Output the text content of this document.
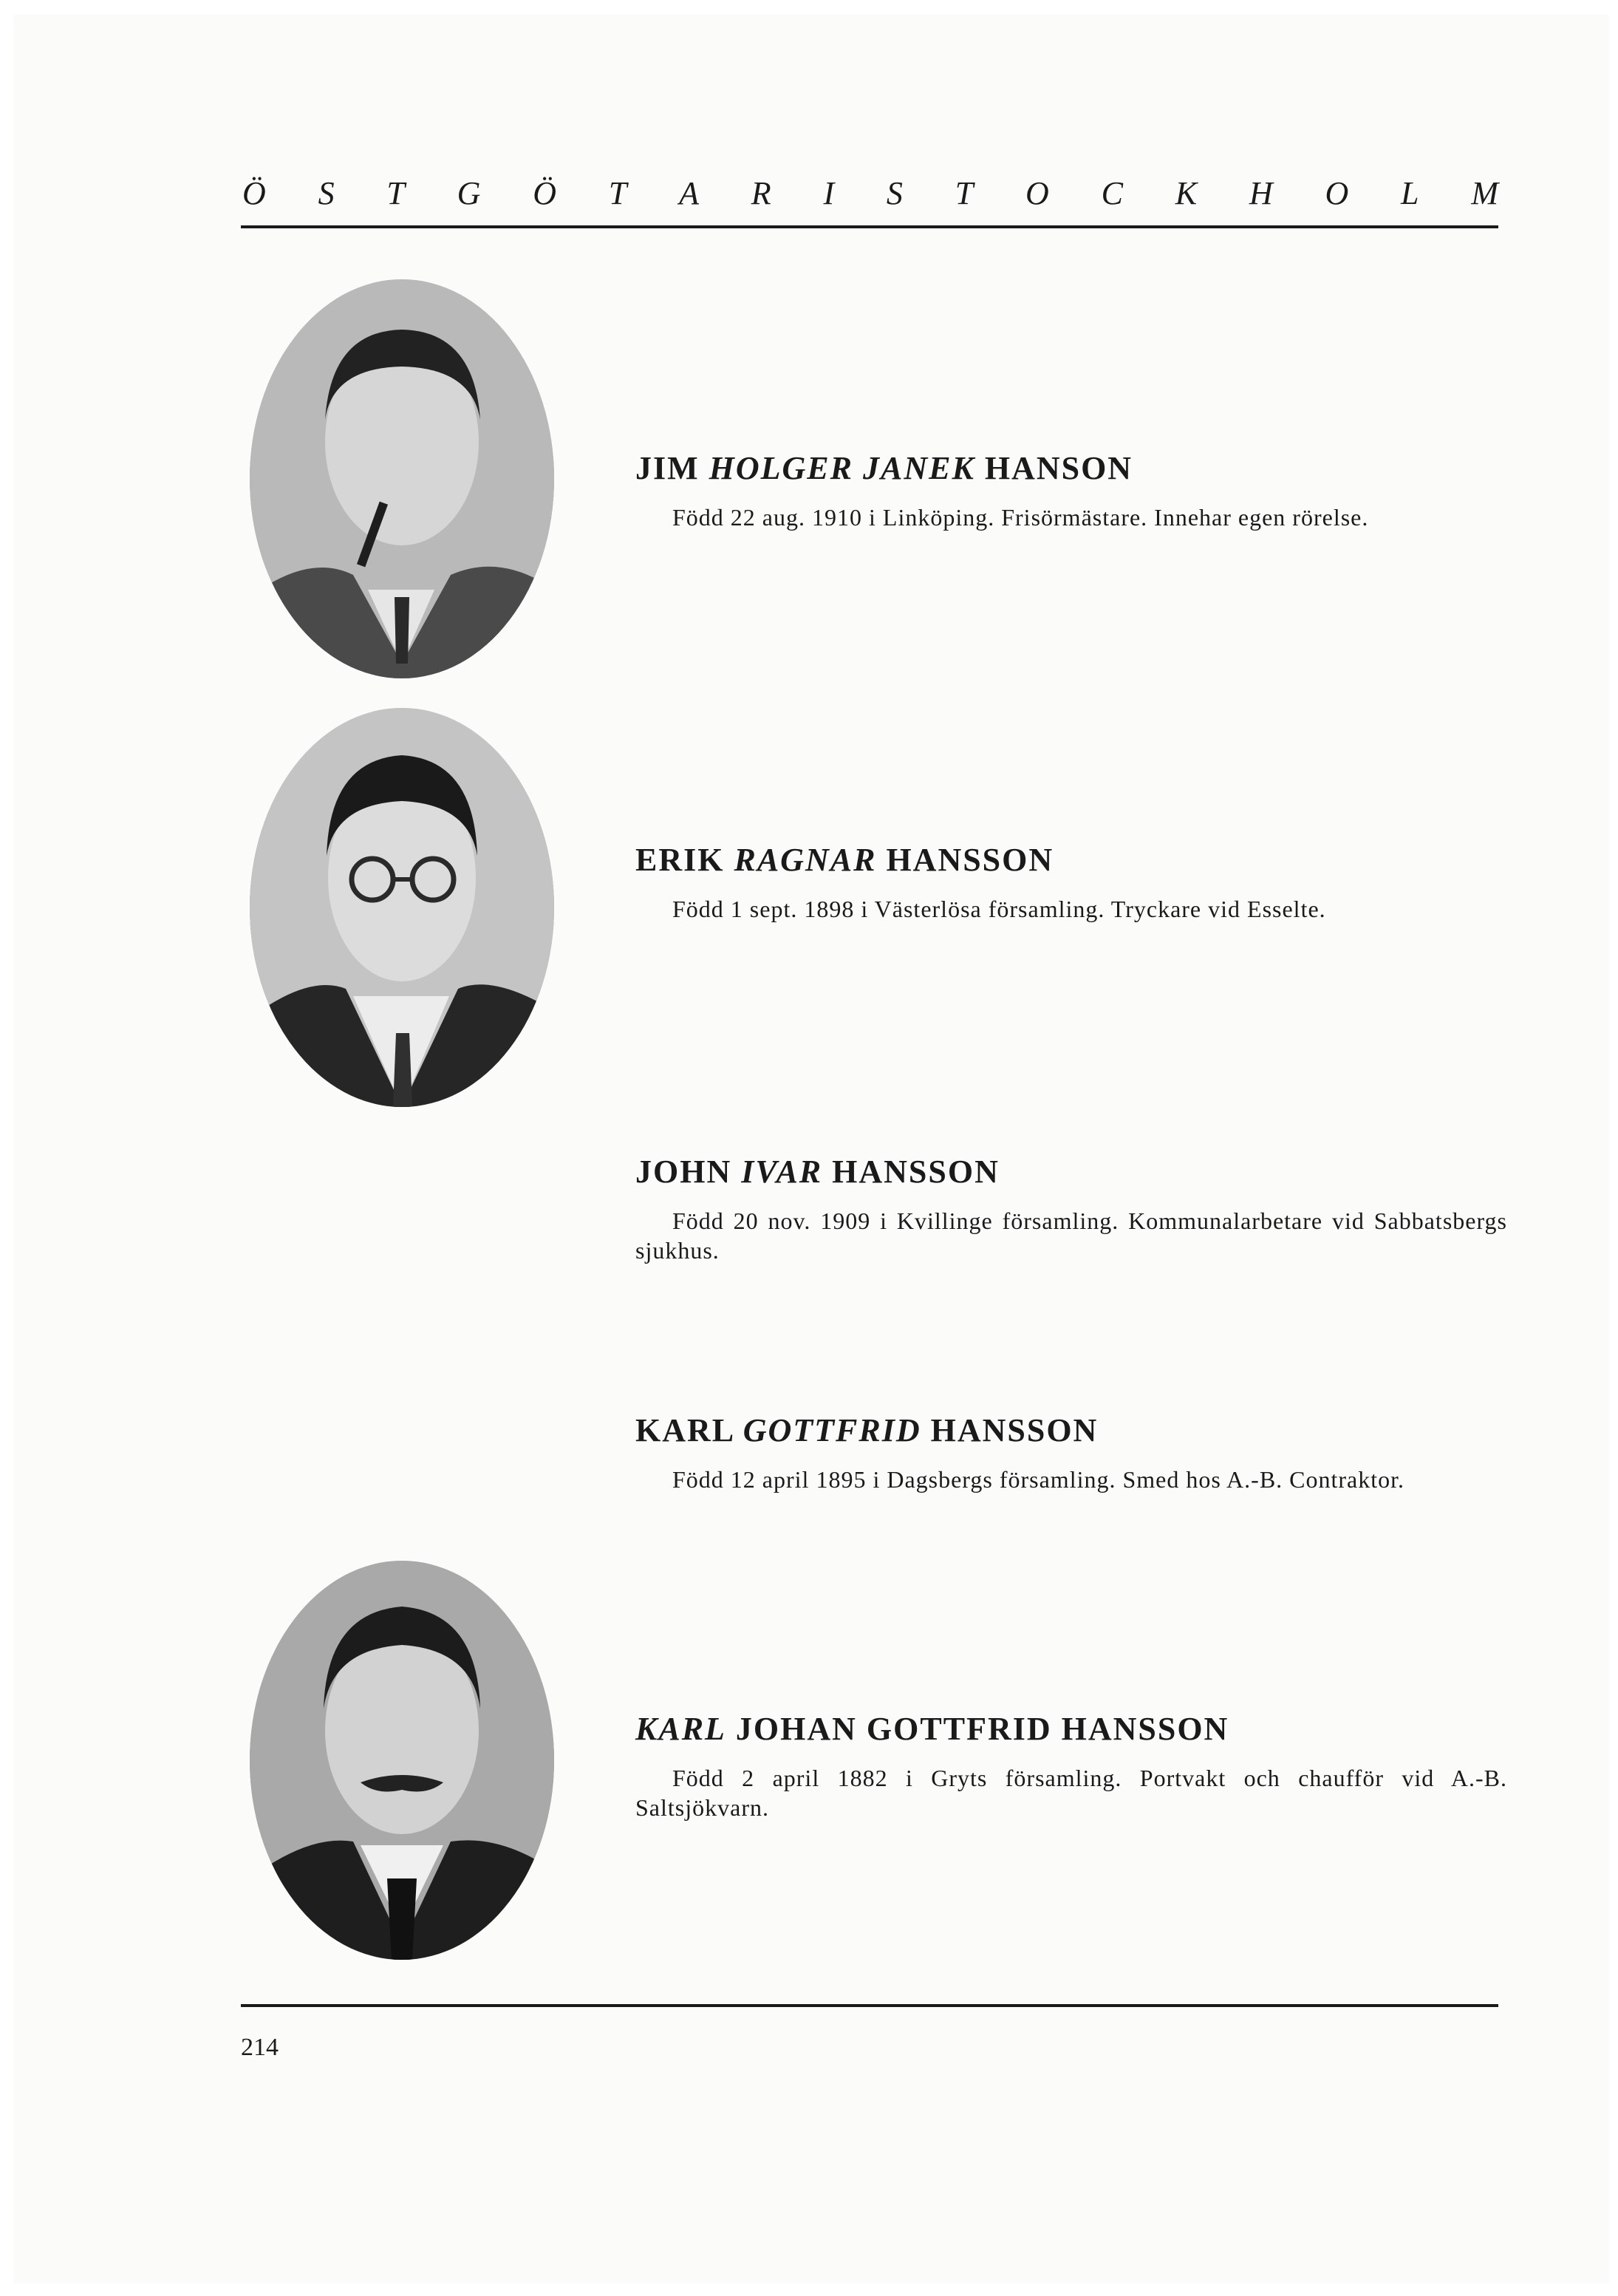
Ö S T G Ö T A R I S T O C K H O L M
JIM HOLGER JANEK HANSON

Född 22 aug. 1910 i Linköping. Frisörmästare. Innehar egen rörelse.

ERIK RAGNAR HANSSON

Född 1 sept. 1898 i Västerlösa församling. Tryckare vid Esselte.

JOHN IVAR HANSSON

Född 20 nov. 1909 i Kvillinge församling. Kommunalarbetare vid Sabbatsbergs sjukhus.

KARL GOTTFRID HANSSON

Född 12 april 1895 i Dagsbergs församling. Smed hos A.-B. Contraktor.

KARL JOHAN GOTTFRID HANSSON

Född 2 april 1882 i Gryts församling. Portvakt och chaufför vid A.-B. Saltsjökvarn.

214
